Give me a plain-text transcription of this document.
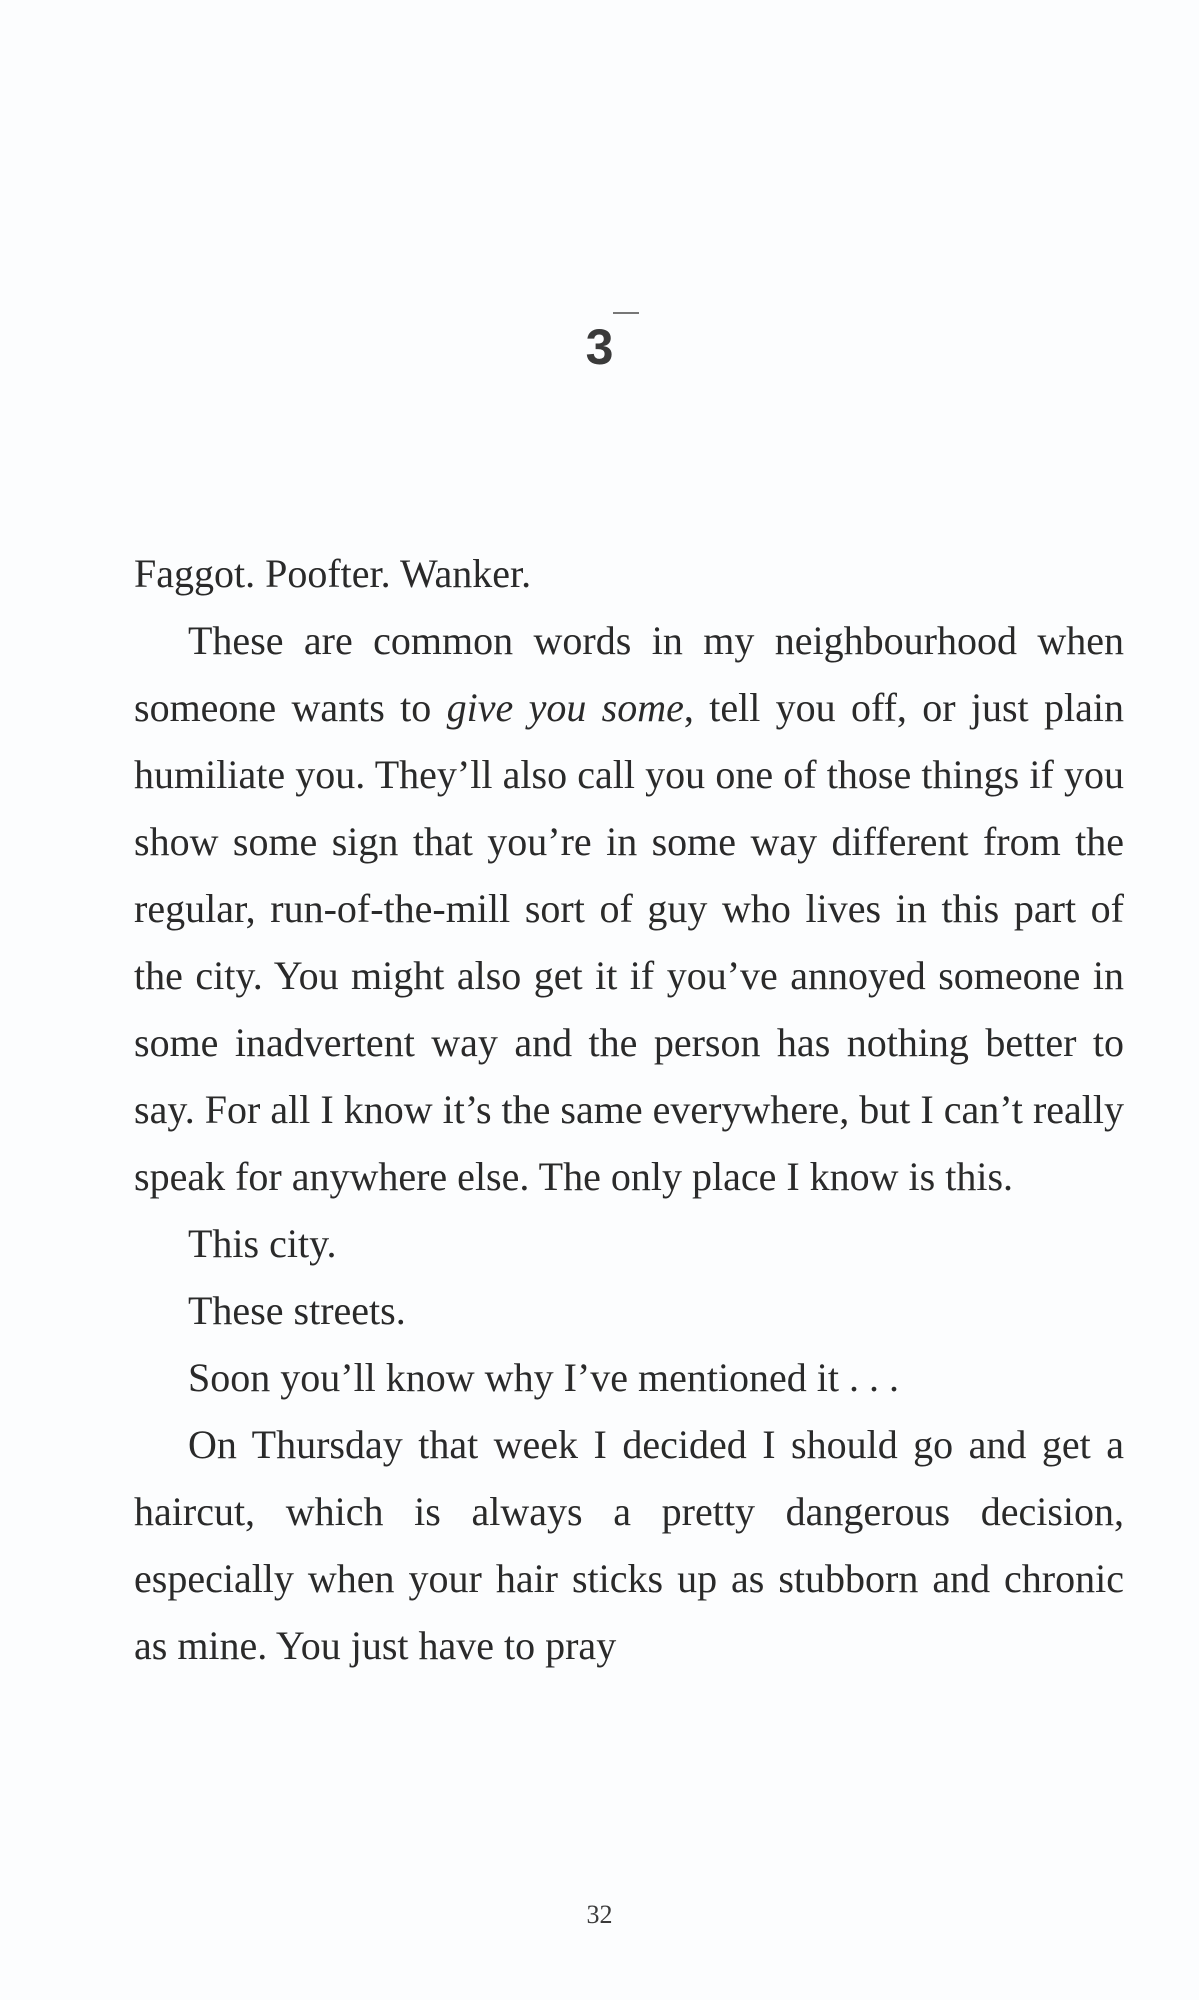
3

Faggot. Poofter. Wanker.

These are common words in my neighbourhood when someone wants to give you some, tell you off, or just plain humiliate you. They’ll also call you one of those things if you show some sign that you’re in some way different from the regular, run-of-the-mill sort of guy who lives in this part of the city. You might also get it if you’ve annoyed someone in some inadvertent way and the person has nothing better to say. For all I know it’s the same everywhere, but I can’t really speak for anywhere else. The only place I know is this.

This city.

These streets.

Soon you’ll know why I’ve mentioned it . . .

On Thursday that week I decided I should go and get a haircut, which is always a pretty dangerous decision, especially when your hair sticks up as stubborn and chronic as mine. You just have to pray

32
